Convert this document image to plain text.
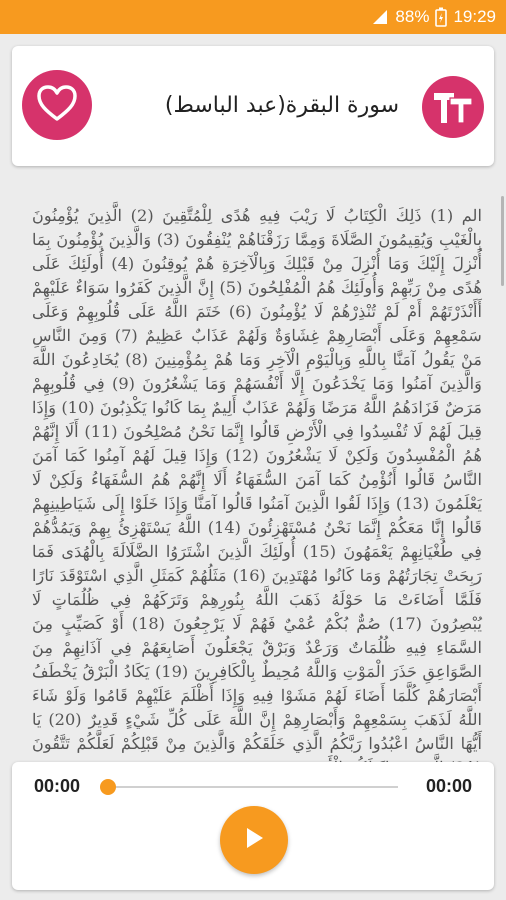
88% 19:29
سورة البقرة(عبد الباسط)
الم (1) ذَلِكَ الْكِتَابُ لَا رَيْبَ فِيهِ هُدًى لِلْمُتَّقِينَ (2) الَّذِينَ يُؤْمِنُونَ بِالْغَيْبِ وَيُقِيمُونَ الصَّلَاةَ وَمِمَّا رَزَقْنَاهُمْ يُنْفِقُونَ (3) وَالَّذِينَ يُؤْمِنُونَ بِمَا أُنْزِلَ إِلَيْكَ وَمَا أُنْزِلَ مِنْ قَبْلِكَ وَبِالْآخِرَةِ هُمْ يُوقِنُونَ (4) أُولَئِكَ عَلَى هُدًى مِنْ رَبِّهِمْ وَأُولَئِكَ هُمُ الْمُفْلِحُونَ (5) إِنَّ الَّذِينَ كَفَرُوا سَوَاءٌ عَلَيْهِمْ أَأَنْذَرْتَهُمْ أَمْ لَمْ تُنْذِرْهُمْ لَا يُؤْمِنُونَ (6) خَتَمَ اللَّهُ عَلَى قُلُوبِهِمْ وَعَلَى سَمْعِهِمْ وَعَلَى أَبْصَارِهِمْ غِشَاوَةٌ وَلَهُمْ عَذَابٌ عَظِيمٌ (7) وَمِنَ النَّاسِ مَنْ يَقُولُ آمَنَّا بِاللَّهِ وَبِالْيَوْمِ الْآخِرِ وَمَا هُمْ بِمُؤْمِنِينَ (8) يُخَادِعُونَ اللَّهَ وَالَّذِينَ آمَنُوا وَمَا يَخْدَعُونَ إِلَّا أَنْفُسَهُمْ وَمَا يَشْعُرُونَ (9) فِي قُلُوبِهِمْ مَرَضٌ فَزَادَهُمُ اللَّهُ مَرَضًا وَلَهُمْ عَذَابٌ أَلِيمٌ بِمَا كَانُوا يَكْذِبُونَ (10) وَإِذَا قِيلَ لَهُمْ لَا تُفْسِدُوا فِي الْأَرْضِ قَالُوا إِنَّمَا نَحْنُ مُصْلِحُونَ (11) أَلَا إِنَّهُمْ هُمُ الْمُفْسِدُونَ وَلَكِنْ لَا يَشْعُرُونَ (12) وَإِذَا قِيلَ لَهُمْ آمِنُوا كَمَا آمَنَ النَّاسُ قَالُوا أَنُؤْمِنُ كَمَا آمَنَ السُّفَهَاءُ أَلَا إِنَّهُمْ هُمُ السُّفَهَاءُ وَلَكِنْ لَا يَعْلَمُونَ (13) وَإِذَا لَقُوا الَّذِينَ آمَنُوا قَالُوا آمَنَّا وَإِذَا خَلَوْا إِلَى شَيَاطِينِهِمْ قَالُوا إِنَّا مَعَكُمْ إِنَّمَا نَحْنُ مُسْتَهْزِئُونَ (14) اللَّهُ يَسْتَهْزِئُ بِهِمْ وَيَمُدُّهُمْ فِي طُغْيَانِهِمْ يَعْمَهُونَ (15) أُولَئِكَ الَّذِينَ اشْتَرَوُا الضَّلَالَةَ بِالْهُدَى فَمَا رَبِحَتْ تِجَارَتُهُمْ وَمَا كَانُوا مُهْتَدِينَ (16) مَثَلُهُمْ كَمَثَلِ الَّذِي اسْتَوْقَدَ نَارًا فَلَمَّا أَضَاءَتْ مَا حَوْلَهُ ذَهَبَ اللَّهُ بِنُورِهِمْ وَتَرَكَهُمْ فِي ظُلُمَاتٍ لَا يُبْصِرُونَ (17) صُمٌّ بُكْمٌ عُمْيٌ فَهُمْ لَا يَرْجِعُونَ (18) أَوْ كَصَيِّبٍ مِنَ السَّمَاءِ فِيهِ ظُلُمَاتٌ وَرَعْدٌ وَبَرْقٌ يَجْعَلُونَ أَصَابِعَهُمْ فِي آذَانِهِمْ مِنَ الصَّوَاعِقِ حَذَرَ الْمَوْتِ وَاللَّهُ مُحِيطٌ بِالْكَافِرِينَ (19) يَكَادُ الْبَرْقُ يَخْطَفُ أَبْصَارَهُمْ كُلَّمَا أَضَاءَ لَهُمْ مَشَوْا فِيهِ وَإِذَا أَظْلَمَ عَلَيْهِمْ قَامُوا وَلَوْ شَاءَ اللَّهُ لَذَهَبَ بِسَمْعِهِمْ وَأَبْصَارِهِمْ إِنَّ اللَّهَ عَلَى كُلِّ شَيْءٍ قَدِيرٌ (20) يَا أَيُّهَا النَّاسُ اعْبُدُوا رَبَّكُمُ الَّذِي خَلَقَكُمْ وَالَّذِينَ مِنْ قَبْلِكُمْ لَعَلَّكُمْ تَتَّقُونَ
00:00	00:00
